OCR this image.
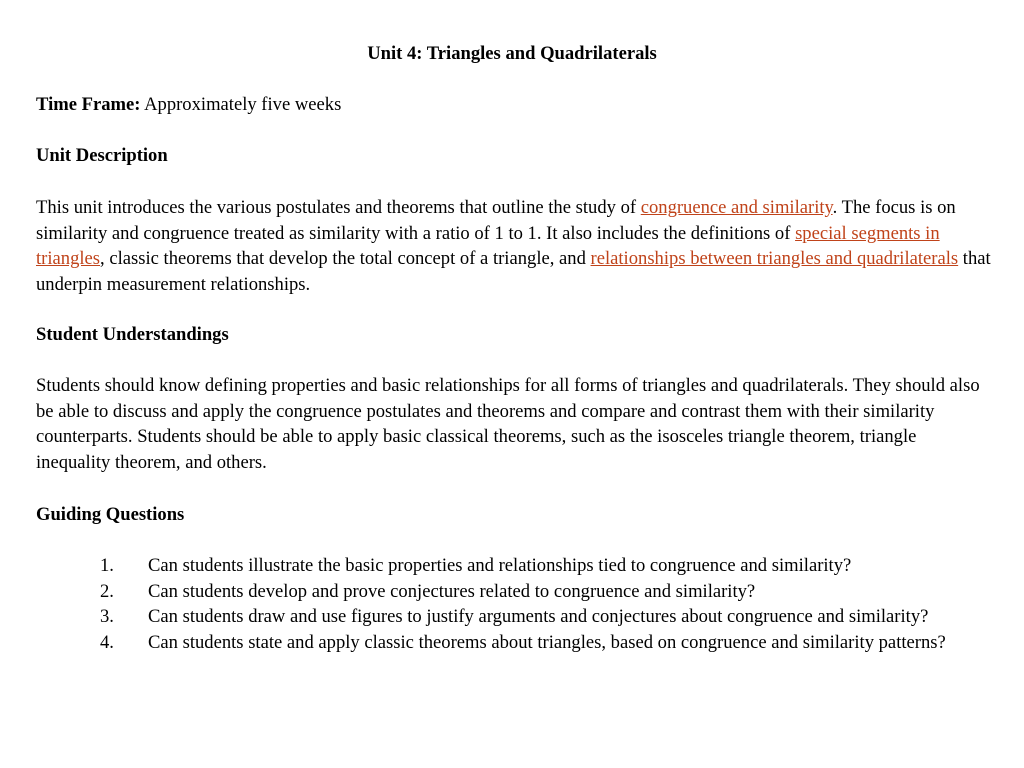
Unit 4: Triangles and Quadrilaterals

Time Frame: Approximately five weeks

Unit Description

This unit introduces the various postulates and theorems that outline the study of congruence and similarity. The focus is on similarity and congruence treated as similarity with a ratio of 1 to 1. It also includes the definitions of special segments in triangles, classic theorems that develop the total concept of a triangle, and relationships between triangles and quadrilaterals that underpin measurement relationships.

Student Understandings

Students should know defining properties and basic relationships for all forms of triangles and quadrilaterals. They should also be able to discuss and apply the congruence postulates and theorems and compare and contrast them with their similarity counterparts. Students should be able to apply basic classical theorems, such as the isosceles triangle theorem, triangle inequality theorem, and others.

Guiding Questions
1. Can students illustrate the basic properties and relationships tied to congruence and similarity?
2. Can students develop and prove conjectures related to congruence and similarity?
3. Can students draw and use figures to justify arguments and conjectures about congruence and similarity?
4. Can students state and apply classic theorems about triangles, based on congruence and similarity patterns?
